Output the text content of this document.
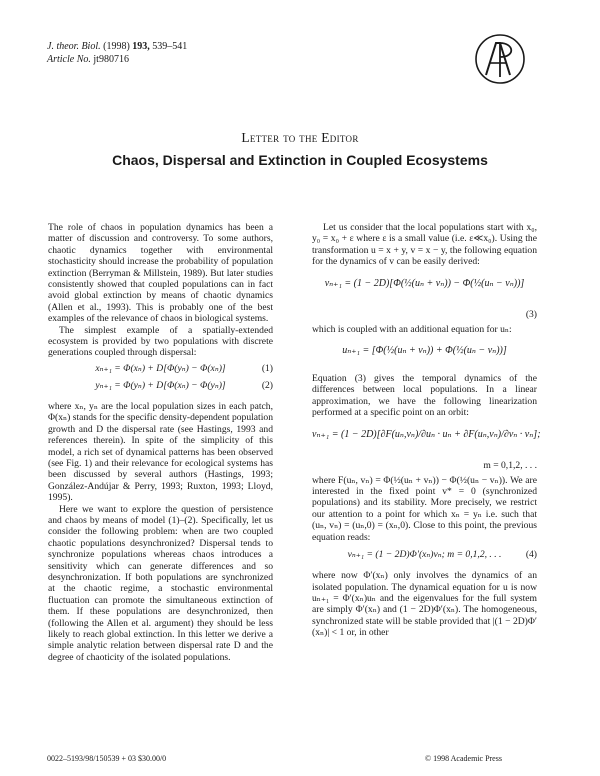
J. theor. Biol. (1998) 193, 539–541
Article No. jt980716
Letter to the Editor
Chaos, Dispersal and Extinction in Coupled Ecosystems

The role of chaos in population dynamics has been a matter of discussion and controversy. To some authors, chaotic dynamics together with environmental stochasticity should increase the probability of population extinction (Berryman & Millstein, 1989). But later studies consistently showed that coupled populations can in fact avoid global extinction by means of chaotic dynamics (Allen et al., 1993). This is probably one of the best examples of the relevance of chaos in biological systems.

The simplest example of a spatially-extended ecosystem is provided by two populations with discrete generations coupled through dispersal:

xₙ₊₁ = Φ(xₙ) + D[Φ(yₙ) − Φ(xₙ)]	(1)
yₙ₊₁ = Φ(yₙ) + D[Φ(xₙ) − Φ(yₙ)]	(2)

where xₙ, yₙ are the local population sizes in each patch, Φ(xₙ) stands for the specific density-dependent population growth and D the dispersal rate (see Hastings, 1993 and references therein). In spite of the simplicity of this model, a rich set of dynamical patterns has been observed (see Fig. 1) and their relevance for ecological systems has been discussed by several authors (Hastings, 1993; González-Andújar & Perry, 1993; Ruxton, 1993; Lloyd, 1995).

Here we want to explore the question of persistence and chaos by means of model (1)–(2). Specifically, let us consider the following problem: when are two coupled chaotic populations desynchronized? Dispersal tends to synchronize populations whereas chaos introduces a sensitivity which can generate differences and so desynchronization. If both populations are synchronized at the chaotic regime, a stochastic environmental fluctuation can promote the simultaneous extinction of them. If these populations are desynchronized, then (following the Allen et al. argument) they should be less likely to reach global extinction. In this letter we derive a simple analytic relation between dispersal rate D and the degree of chaoticity of the isolated populations.

Let us consider that the local populations start with x₀, y₀ = x₀ + ε where ε is a small value (i.e. ε≪x₀). Using the transformation u = x + y, v = x − y, the following equation for the dynamics of v can be easily derived:

vₙ₊₁ = (1 − 2D)[Φ(½(uₙ + vₙ)) − Φ(½(uₙ − vₙ))]
(3)

which is coupled with an additional equation for uₙ:

uₙ₊₁ = [Φ(½(uₙ + vₙ)) + Φ(½(uₙ − vₙ))]

Equation (3) gives the temporal dynamics of the differences between local populations. In a linear approximation, we have the following linearization performed at a specific point on an orbit:

vₙ₊₁ = (1 − 2D)[∂F(uₙ,vₙ)/∂uₙ · uₙ + ∂F(uₙ,vₙ)/∂vₙ · vₙ];
m = 0,1,2, . . .

where F(uₙ, vₙ) = Φ(½(uₙ + vₙ)) − Φ(½(uₙ − vₙ)). We are interested in the fixed point v* = 0 (synchronized populations) and its stability. More precisely, we restrict our attention to a point for which xₙ = yₙ i.e. such that (uₙ, vₙ) = (uₙ,0) = (xₙ,0). Close to this point, the previous equation reads:

vₙ₊₁ = (1 − 2D)Φ′(xₙ)vₙ; m = 0,1,2, . . .	(4)

where now Φ′(xₙ) only involves the dynamics of an isolated population. The dynamical equation for u is now uₙ₊₁ = Φ′(xₙ)uₙ and the eigenvalues for the full system are simply Φ′(xₙ) and (1 − 2D)Φ′(xₙ). The homogeneous, synchronized state will be stable provided that |(1 − 2D)Φ′(xₙ)| < 1 or, in other

0022–5193/98/150539 + 03 $30.00/0	© 1998 Academic Press
